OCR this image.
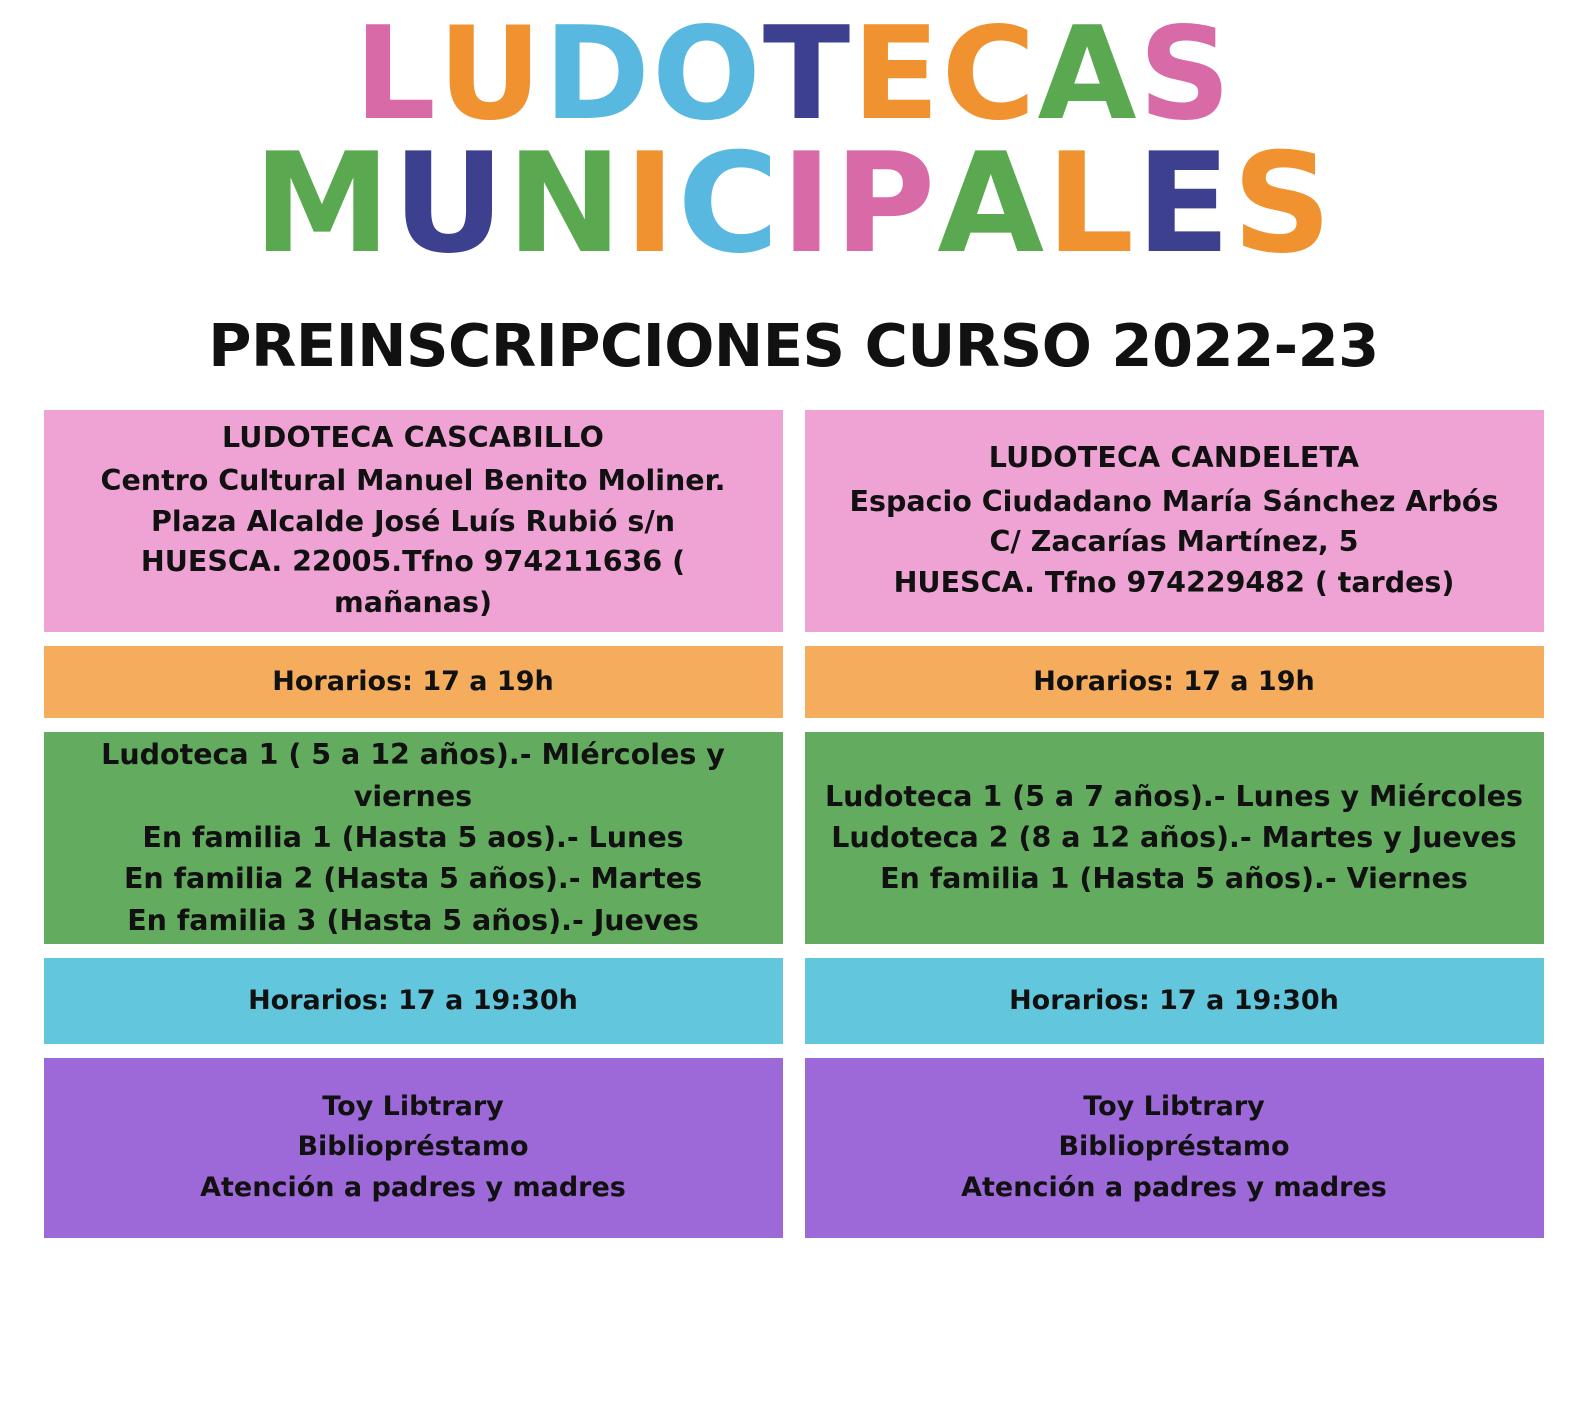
L U D O T E C A S
M U N I C I P A L E S
PREINSCRIPCIONES CURSO 2022-23

LUDOTECA CASCABILLO
Centro Cultural Manuel Benito Moliner.
Plaza Alcalde José Luís Rubió s/n
HUESCA. 22005.Tfno 974211636 ( mañanas)

LUDOTECA CANDELETA
Espacio Ciudadano María Sánchez Arbós
C/ Zacarías Martínez, 5
HUESCA. Tfno 974229482 ( tardes)

Horarios: 17 a 19h	Horarios: 17 a 19h

Ludoteca 1 ( 5 a 12 años).- MIércoles y viernes
En familia 1 (Hasta 5 aos).- Lunes
En familia 2 (Hasta 5 años).- Martes
En familia 3 (Hasta 5 años).- Jueves

Ludoteca 1 (5 a 7 años).- Lunes y Miércoles
Ludoteca 2 (8 a 12 años).- Martes y Jueves
En familia 1 (Hasta 5 años).- Viernes

Horarios: 17 a 19:30h	Horarios: 17 a 19:30h

Toy Libtrary
Bibliopréstamo
Atención a padres y madres

Toy Libtrary
Bibliopréstamo
Atención a padres y madres
